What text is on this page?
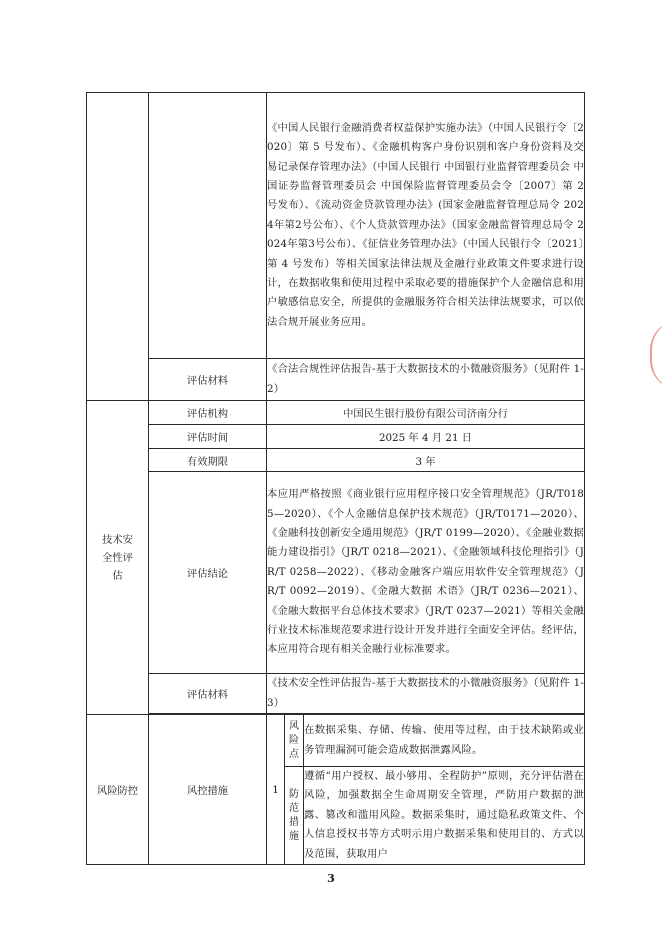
		《中国人民银行金融消费者权益保护实施办法》（中国人民银行令〔2020〕第 5 号发布）、《金融机构客户身份识别和客户身份资料及交易记录保存管理办法》（中国人民银行 中国银行业监督管理委员会 中国证券监督管理委员会 中国保险监督管理委员会令〔2007〕第 2 号发布）、《流动资金贷款管理办法》(国家金融监督管理总局令 2024年第2号公布）、《个人贷款管理办法》（国家金融监督管理总局令 2024年第3号公布）、《征信业务管理办法》（中国人民银行令〔2021〕第 4 号发布）等相关国家法律法规及金融行业政策文件要求进行设计，在数据收集和使用过程中采取必要的措施保护个人金融信息和用户敏感信息安全，所提供的金融服务符合相关法律法规要求，可以依法合规开展业务应用。		
	评估材料	《合法合规性评估报告-基于大数据技术的小微融资服务》（见附件 1-2）		
技术安全性评估	评估机构	中国民生银行股份有限公司济南分行		
	评估时间	2025 年 4 月 21 日		
	有效期限	3 年		
	评估结论	本应用严格按照《商业银行应用程序接口安全管理规范》（JR/T0185—2020）、《个人金融信息保护技术规范》（JR/T0171—2020）、《金融科技创新安全通用规范》（JR/T 0199—2020）、《金融业数据能力建设指引》（JR/T 0218—2021）、《金融领域科技伦理指引》（JR/T 0258—2022）、《移动金融客户端应用软件安全管理规范》（JR/T 0092—2019）、《金融大数据 术语》（JR/T 0236—2021）、《金融大数据平台总体技术要求》（JR/T 0237—2021）等相关金融行业技术标准规范要求进行设计开发并进行全面安全评估。经评估，本应用符合现有相关金融行业标准要求。		
	评估材料	《技术安全性评估报告-基于大数据技术的小微融资服务》（见附件 1-3）		

风险防控	风控措施	1	风险点	在数据采集、存储、传输、使用等过程，由于技术缺陷或业务管理漏洞可能会造成数据泄露风险。
			防范措施	遵循“用户授权、最小够用、全程防护”原则，充分评估潜在风险，加强数据全生命周期安全管理，严防用户数据的泄露、篡改和滥用风险。数据采集时，通过隐私政策文件、个人信息授权书等方式明示用户数据采集和使用目的、方式以及范围，获取用户
3
